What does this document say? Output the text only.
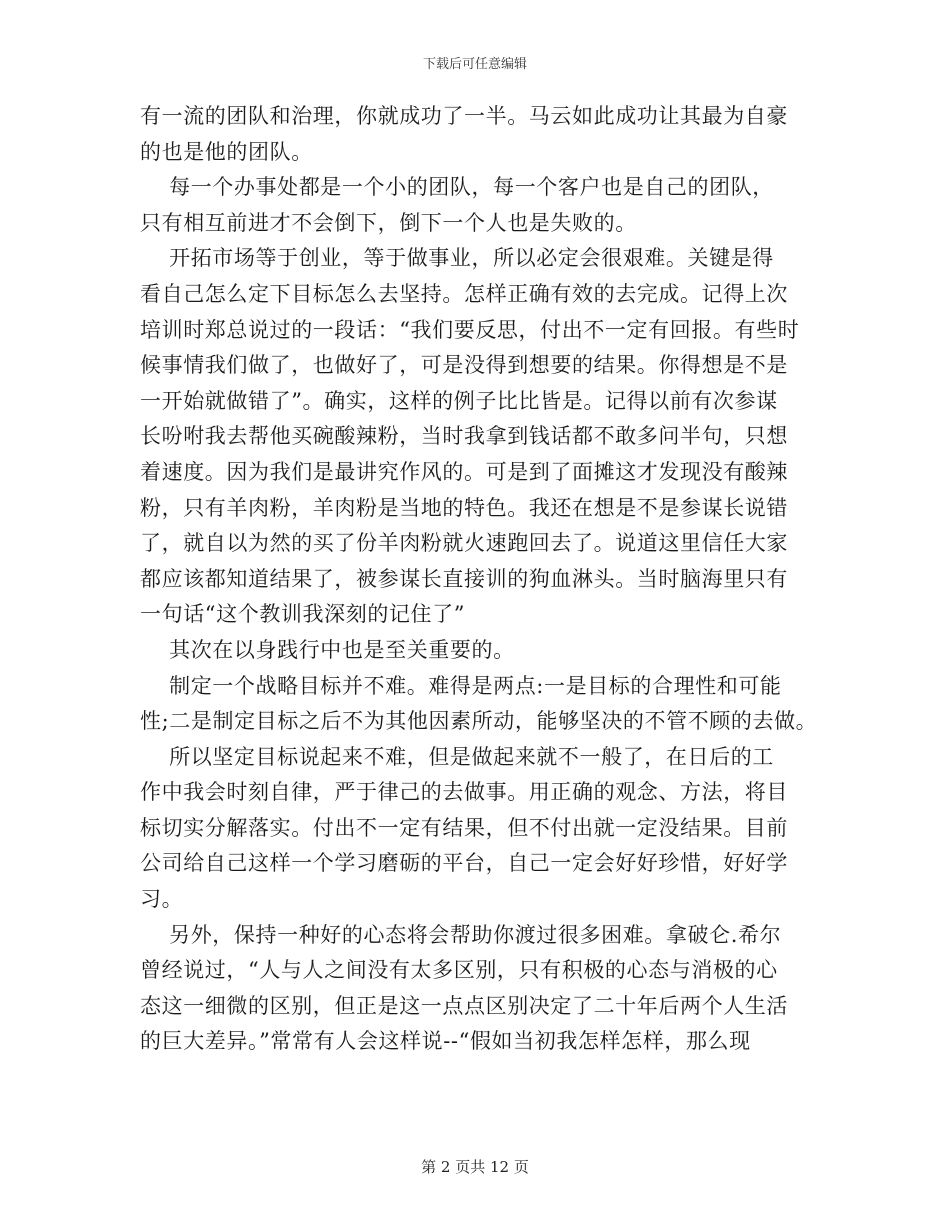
下载后可任意编辑

有一流的团队和治理，你就成功了一半。马云如此成功让其最为自豪
的也是他的团队。

每一个办事处都是一个小的团队，每一个客户也是自己的团队，
只有相互前进才不会倒下，倒下一个人也是失败的。

开拓市场等于创业，等于做事业，所以必定会很艰难。关键是得
看自己怎么定下目标怎么去坚持。怎样正确有效的去完成。记得上次
培训时郑总说过的一段话：“我们要反思，付出不一定有回报。有些时
候事情我们做了，也做好了，可是没得到想要的结果。你得想是不是
一开始就做错了”。确实，这样的例子比比皆是。记得以前有次参谋
长吩咐我去帮他买碗酸辣粉，当时我拿到钱话都不敢多问半句，只想
着速度。因为我们是最讲究作风的。可是到了面摊这才发现没有酸辣
粉，只有羊肉粉，羊肉粉是当地的特色。我还在想是不是参谋长说错
了，就自以为然的买了份羊肉粉就火速跑回去了。说道这里信任大家
都应该都知道结果了，被参谋长直接训的狗血淋头。当时脑海里只有
一句话“这个教训我深刻的记住了”

其次在以身践行中也是至关重要的。

制定一个战略目标并不难。难得是两点:一是目标的合理性和可能
性;二是制定目标之后不为其他因素所动，能够坚决的不管不顾的去做。

所以坚定目标说起来不难，但是做起来就不一般了，在日后的工
作中我会时刻自律，严于律己的去做事。用正确的观念、方法，将目
标切实分解落实。付出不一定有结果，但不付出就一定没结果。目前
公司给自己这样一个学习磨砺的平台，自己一定会好好珍惜，好好学
习。

另外，保持一种好的心态将会帮助你渡过很多困难。拿破仑.希尔
曾经说过，“人与人之间没有太多区别，只有积极的心态与消极的心
态这一细微的区别，但正是这一点点区别决定了二十年后两个人生活
的巨大差异。”常常有人会这样说--“假如当初我怎样怎样，那么现

第 2 页共 12 页
